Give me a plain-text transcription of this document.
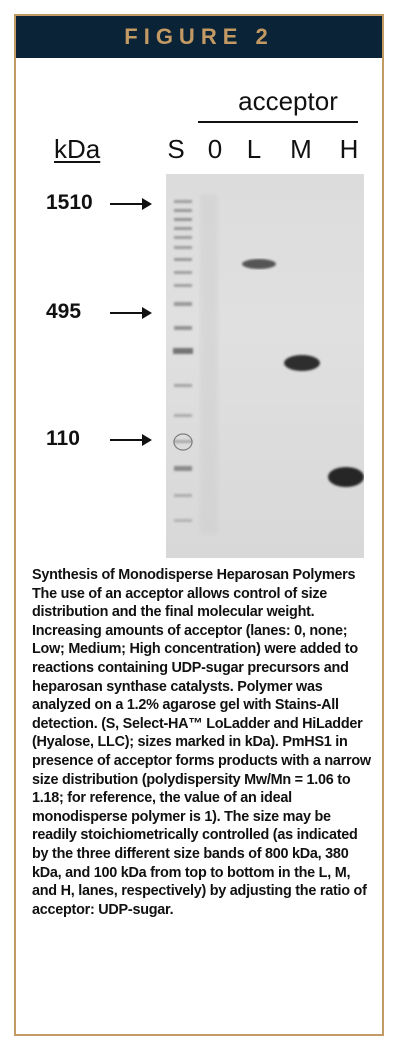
FIGURE 2
acceptor
kDa	S 0 L M H
1510
495
110
Synthesis of Monodisperse Heparosan Polymers
The use of an acceptor allows control of size distribution and the final molecular weight. Increasing amounts of acceptor (lanes: 0, none; Low; Medium; High concentration) were added to reactions containing UDP-sugar precursors and heparosan synthase catalysts. Polymer was analyzed on a 1.2% agarose gel with Stains-All detection. (S, Select-HA™ LoLadder and HiLadder (Hyalose, LLC); sizes marked in kDa). PmHS1 in presence of acceptor forms products with a narrow size distribution (polydispersity Mw/Mn = 1.06 to 1.18; for reference, the value of an ideal monodisperse polymer is 1). The size may be readily stoichiometrically controlled (as indicated by the three different size bands of 800 kDa, 380 kDa, and 100 kDa from top to bottom in the L, M, and H, lanes, respectively) by adjusting the ratio of acceptor: UDP-sugar.
